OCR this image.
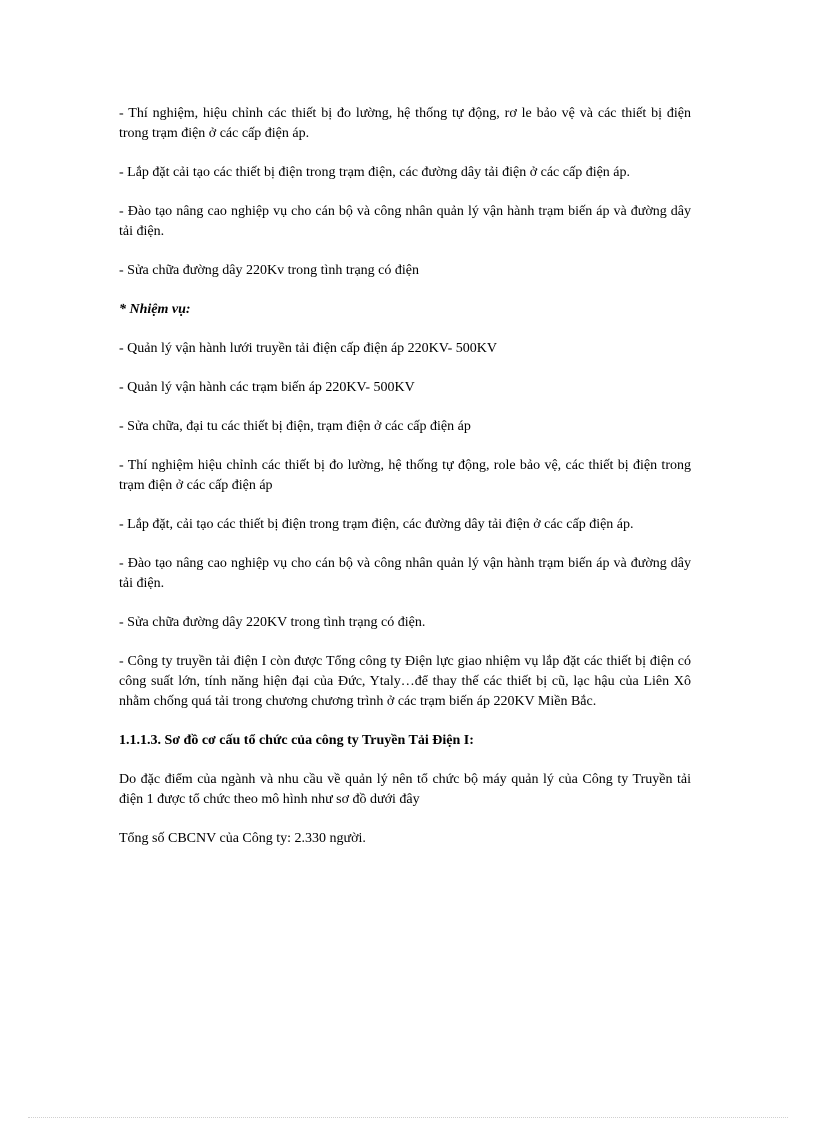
- Thí nghiệm, hiệu chỉnh các thiết bị đo lường, hệ thống tự động, rơ le bảo vệ và các thiết bị điện trong trạm điện ở các cấp điện áp.

- Lắp đặt cải tạo các thiết bị điện trong trạm điện, các đường dây tải điện ở các cấp điện áp.

- Đào tạo nâng cao nghiệp vụ cho cán bộ và công nhân quản lý vận hành trạm biến áp và đường dây tải điện.

- Sửa chữa đường dây 220Kv trong tình trạng có điện

* Nhiệm vụ:

- Quản lý vận hành lưới truyền tải điện cấp điện áp 220KV- 500KV

- Quản lý vận hành các trạm biến áp 220KV- 500KV

- Sửa chữa, đại tu các thiết bị điện, trạm điện ở các cấp điện áp

- Thí nghiệm hiệu chỉnh các thiết bị đo lường, hệ thống tự động, role bảo vệ, các thiết bị điện trong trạm điện ở các cấp điện áp

- Lắp đặt, cải tạo các thiết bị điện trong trạm điện, các đường dây tải điện ở các cấp điện áp.

- Đào tạo nâng cao nghiệp vụ cho cán bộ và công nhân quản lý vận hành trạm biến áp và đường dây tải điện.

- Sửa chữa đường dây 220KV trong tình trạng có điện.

- Công ty truyền tải điện I còn được Tổng công ty Điện lực giao nhiệm vụ lắp đặt các thiết bị điện có công suất lớn, tính năng hiện đại của Đức, Ytaly…để thay thế các thiết bị cũ, lạc hậu của Liên Xô nhằm chống quá tải trong chương chương trình ở các trạm biến áp 220KV Miền Bắc.

1.1.1.3. Sơ đồ cơ cấu tổ chức của công ty Truyền Tải Điện I:

Do đặc điểm của ngành và nhu cầu về quản lý nên tổ chức bộ máy quản lý của Công ty Truyền tải điện 1 được tổ chức theo mô hình như sơ đồ dưới đây

Tổng số CBCNV của Công ty: 2.330 người.
